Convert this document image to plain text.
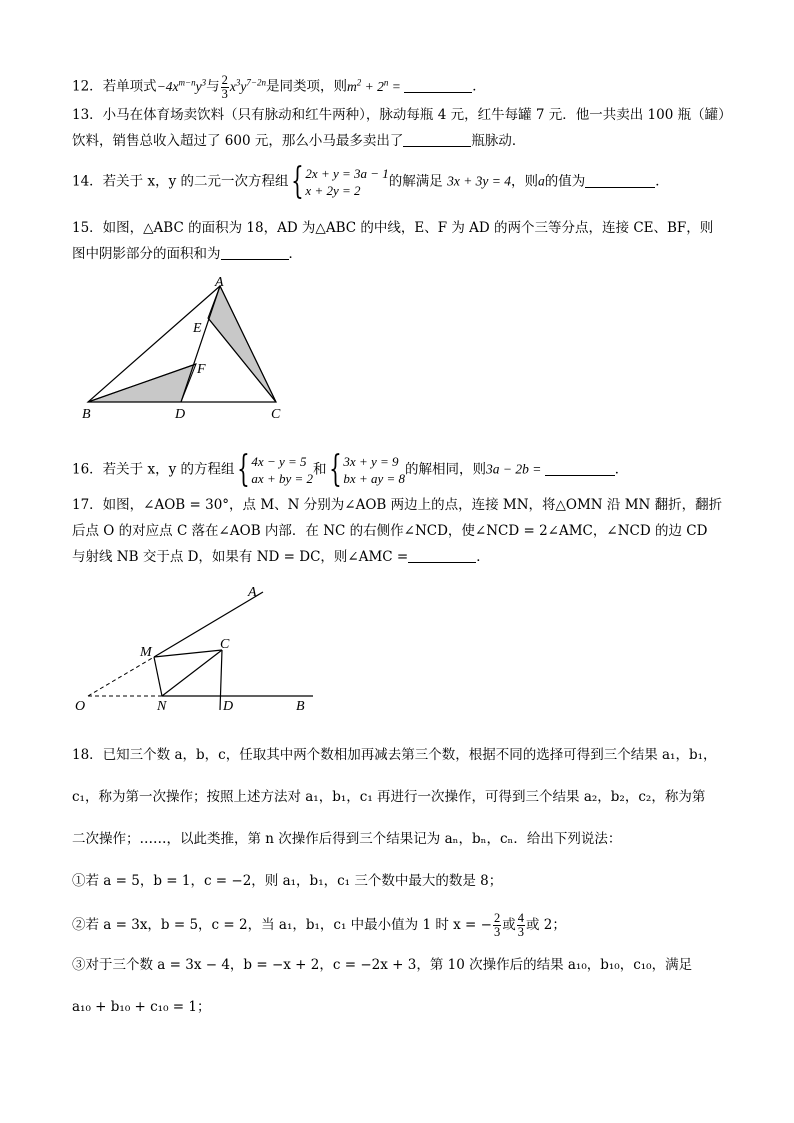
12．若单项式$-4x^{m-n}y^3$与 $\frac{2}{3} x^3y^{7-2n}$是同类项，则$m^2 + 2^n$ =	．
13．小马在体育场卖饮料（只有脉动和红牛两种），脉动每瓶 4 元，红牛每罐 7 元．他一共卖出 100 瓶（罐）
饮料，销售总收入超过了 600 元，那么小马最多卖出了	瓶脉动．
14．若关于 x，y 的二元一次方程组{ 2x + y = 3a − 1
x + 2y = 2
的解满足 3x + 3y = 4，则a的值为	．
15．如图，△ABC 的面积为 18，AD 为△ABC 的中线，E、F 为 AD 的两个三等分点，连接 CE、BF，则
图中阴影部分的面积和为	．
A
E
F
B	D	C
16．若关于 x，y 的方程组{ 4x − y = 5
ax + by = 2
和{ 3x + y = 9
bx + ay = 8
的解相同，则3a − 2b =	．
17．如图，∠AOB = 30°，点 M、N 分别为∠AOB 两边上的点，连接 MN，将△OMN 沿 MN 翻折，翻折
后点 O 的对应点 C 落在∠AOB 内部．在 NC 的右侧作∠NCD，使∠NCD = 2∠AMC，∠NCD 的边 CD
与射线 NB 交于点 D，如果有 ND = DC，则∠AMC =	．
A
M
C
O	N	D	B
18．已知三个数 a，b，c，任取其中两个数相加再减去第三个数，根据不同的选择可得到三个结果 a₁，b₁，
c₁，称为第一次操作；按照上述方法对 a₁，b₁，c₁ 再进行一次操作，可得到三个结果 a₂，b₂，c₂，称为第
二次操作；……，以此类推，第 n 次操作后得到三个结果记为 aₙ，bₙ，cₙ．给出下列说法：
①若 a = 5，b = 1，c = −2，则 a₁，b₁，c₁ 三个数中最大的数是 8；
②若 a = 3x，b = 5，c = 2，当 a₁，b₁，c₁ 中最小值为 1 时 x = − $\frac{2}{3}$ 或 $\frac{4}{3}$ 或 2；
③对于三个数 a = 3x − 4，b = −x + 2，c = −2x + 3，第 10 次操作后的结果 a₁₀，b₁₀，c₁₀，满足
a₁₀ + b₁₀ + c₁₀ = 1；
